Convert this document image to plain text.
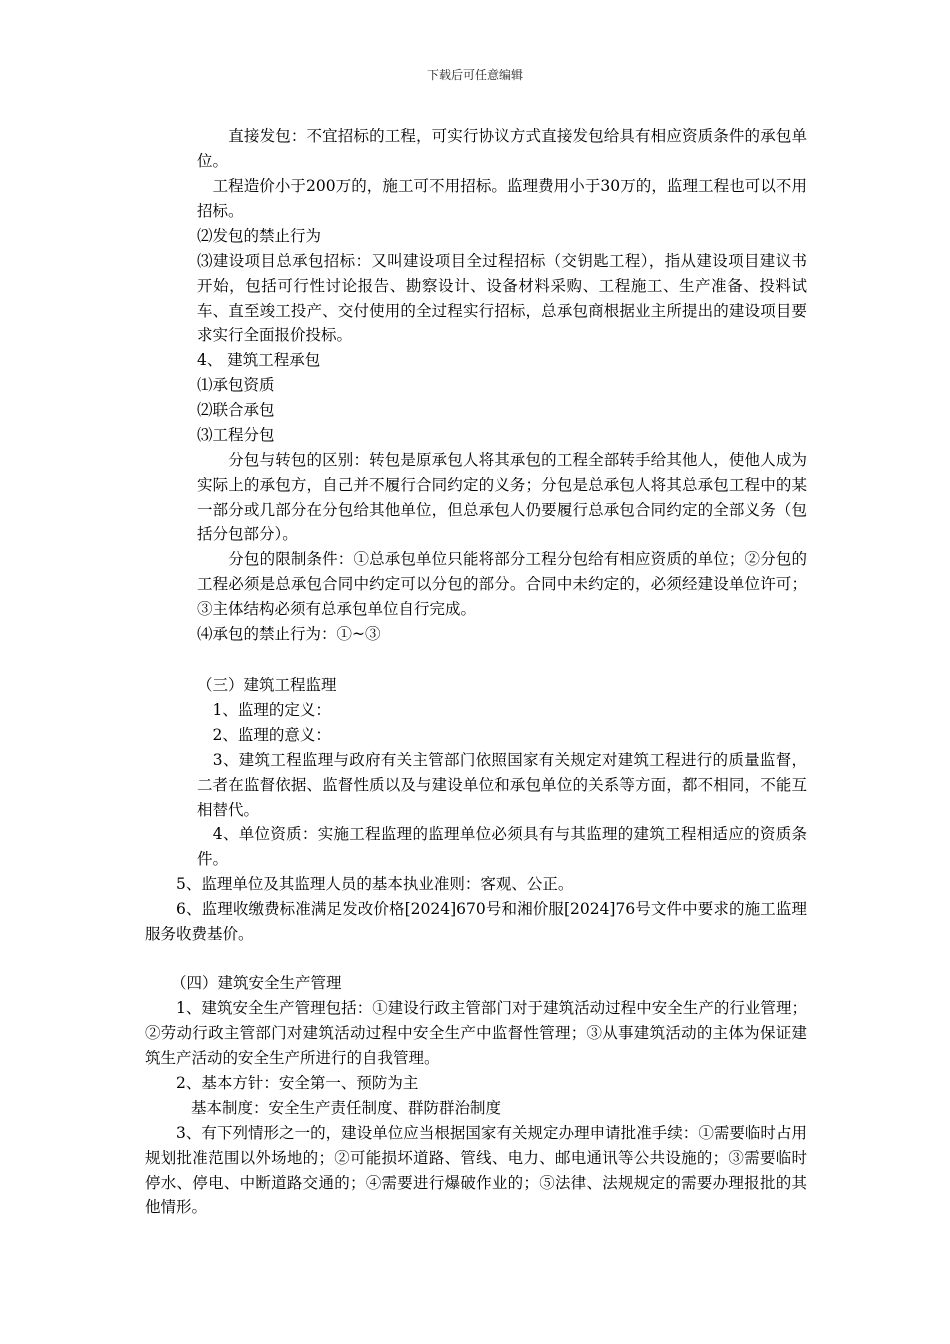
下载后可任意编辑
　　直接发包：不宜招标的工程，可实行协议方式直接发包给具有相应资质条件的承包单位。
　工程造价小于200万的，施工可不用招标。监理费用小于30万的，监理工程也可以不用招标。
⑵发包的禁止行为
⑶建设项目总承包招标：又叫建设项目全过程招标（交钥匙工程），指从建设项目建议书开始，包括可行性讨论报告、勘察设计、设备材料采购、工程施工、生产准备、投料试车、直至竣工投产、交付使用的全过程实行招标，总承包商根据业主所提出的建设项目要求实行全面报价投标。
4、 建筑工程承包
⑴承包资质
⑵联合承包
⑶工程分包
　　分包与转包的区别：转包是原承包人将其承包的工程全部转手给其他人，使他人成为实际上的承包方，自己并不履行合同约定的义务；分包是总承包人将其总承包工程中的某一部分或几部分在分包给其他单位，但总承包人仍要履行总承包合同约定的全部义务（包括分包部分）。
　　分包的限制条件：①总承包单位只能将部分工程分包给有相应资质的单位；②分包的工程必须是总承包合同中约定可以分包的部分。合同中未约定的，必须经建设单位许可；③主体结构必须有总承包单位自行完成。
⑷承包的禁止行为：①~③
（三）建筑工程监理
　1、监理的定义：
　2、监理的意义：
　3、建筑工程监理与政府有关主管部门依照国家有关规定对建筑工程进行的质量监督，二者在监督依据、监督性质以及与建设单位和承包单位的关系等方面，都不相同，不能互相替代。
　4、单位资质：实施工程监理的监理单位必须具有与其监理的建筑工程相适应的资质条件。
5、监理单位及其监理人员的基本执业准则：客观、公正。
6、监理收缴费标准满足发改价格[2024]670号和湘价服[2024]76号文件中要求的施工监理服务收费基价。
（四）建筑安全生产管理
1、建筑安全生产管理包括：①建设行政主管部门对于建筑活动过程中安全生产的行业管理；②劳动行政主管部门对建筑活动过程中安全生产中监督性管理；③从事建筑活动的主体为保证建筑生产活动的安全生产所进行的自我管理。
2、基本方针：安全第一、预防为主
基本制度：安全生产责任制度、群防群治制度
3、有下列情形之一的，建设单位应当根据国家有关规定办理申请批准手续：①需要临时占用规划批准范围以外场地的；②可能损坏道路、管线、电力、邮电通讯等公共设施的；③需要临时停水、停电、中断道路交通的；④需要进行爆破作业的；⑤法律、法规规定的需要办理报批的其他情形。
